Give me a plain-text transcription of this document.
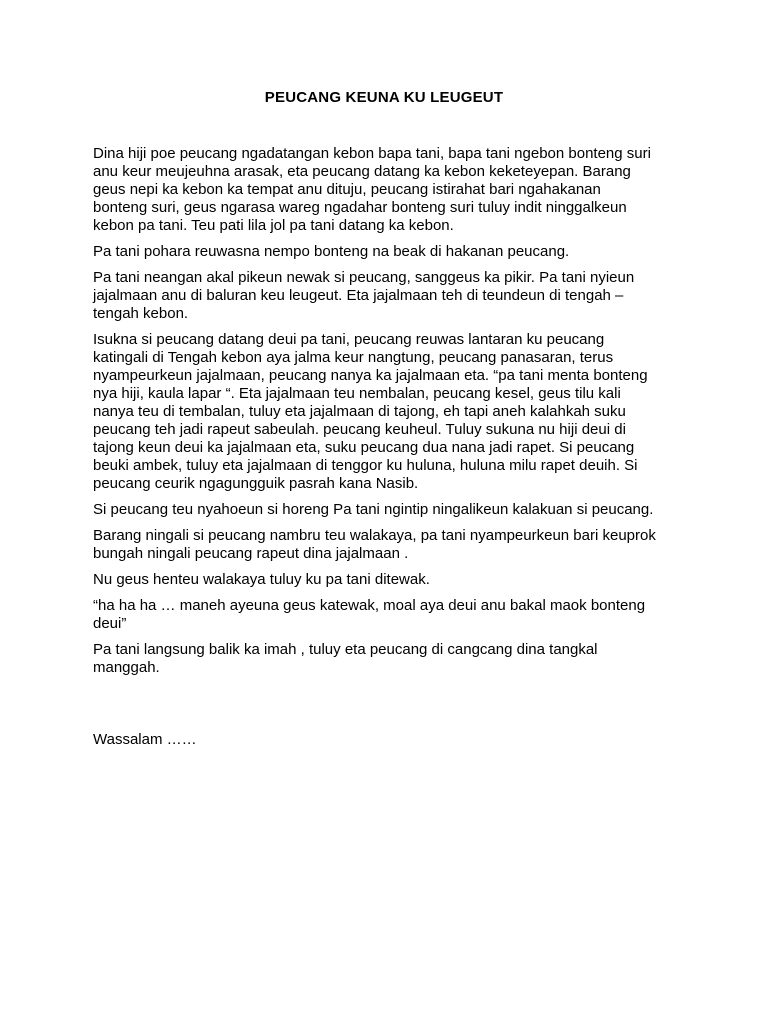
PEUCANG KEUNA KU LEUGEUT

Dina hiji poe peucang ngadatangan kebon bapa tani, bapa tani ngebon bonteng suri
anu keur meujeuhna arasak, eta peucang datang ka kebon keketeyepan. Barang
geus nepi ka kebon ka tempat anu dituju, peucang istirahat bari ngahakanan
bonteng suri, geus ngarasa wareg ngadahar bonteng suri tuluy indit ninggalkeun
kebon pa tani. Teu pati lila jol pa tani datang ka kebon.

Pa tani pohara reuwasna nempo bonteng na beak di hakanan peucang.

Pa tani neangan akal pikeun newak si peucang, sanggeus ka pikir. Pa tani nyieun
jajalmaan anu di baluran keu leugeut. Eta jajalmaan teh di teundeun di tengah –
tengah kebon.

Isukna si peucang datang deui pa tani, peucang reuwas lantaran ku peucang
katingali di Tengah kebon aya jalma keur nangtung, peucang panasaran, terus
nyampeurkeun jajalmaan, peucang nanya ka jajalmaan eta. “pa tani menta bonteng
nya hiji, kaula lapar “. Eta jajalmaan teu nembalan, peucang kesel, geus tilu kali
nanya teu di tembalan, tuluy eta jajalmaan di tajong, eh tapi aneh kalahkah suku
peucang teh jadi rapeut sabeulah. peucang keuheul. Tuluy sukuna nu hiji deui di
tajong keun deui ka jajalmaan eta, suku peucang dua nana jadi rapet. Si peucang
beuki ambek, tuluy eta jajalmaan di tenggor ku huluna, huluna milu rapet deuih. Si
peucang ceurik ngagungguik pasrah kana Nasib.

Si peucang teu nyahoeun si horeng Pa tani ngintip ningalikeun kalakuan si peucang.

Barang ningali si peucang nambru teu walakaya, pa tani nyampeurkeun bari keuprok
bungah ningali peucang rapeut dina jajalmaan .

Nu geus henteu walakaya tuluy ku pa tani ditewak.

“ha ha ha … maneh ayeuna geus katewak, moal aya deui anu bakal maok bonteng
deui”

Pa tani langsung balik ka imah , tuluy eta peucang di cangcang dina tangkal
manggah.

Wassalam ……
